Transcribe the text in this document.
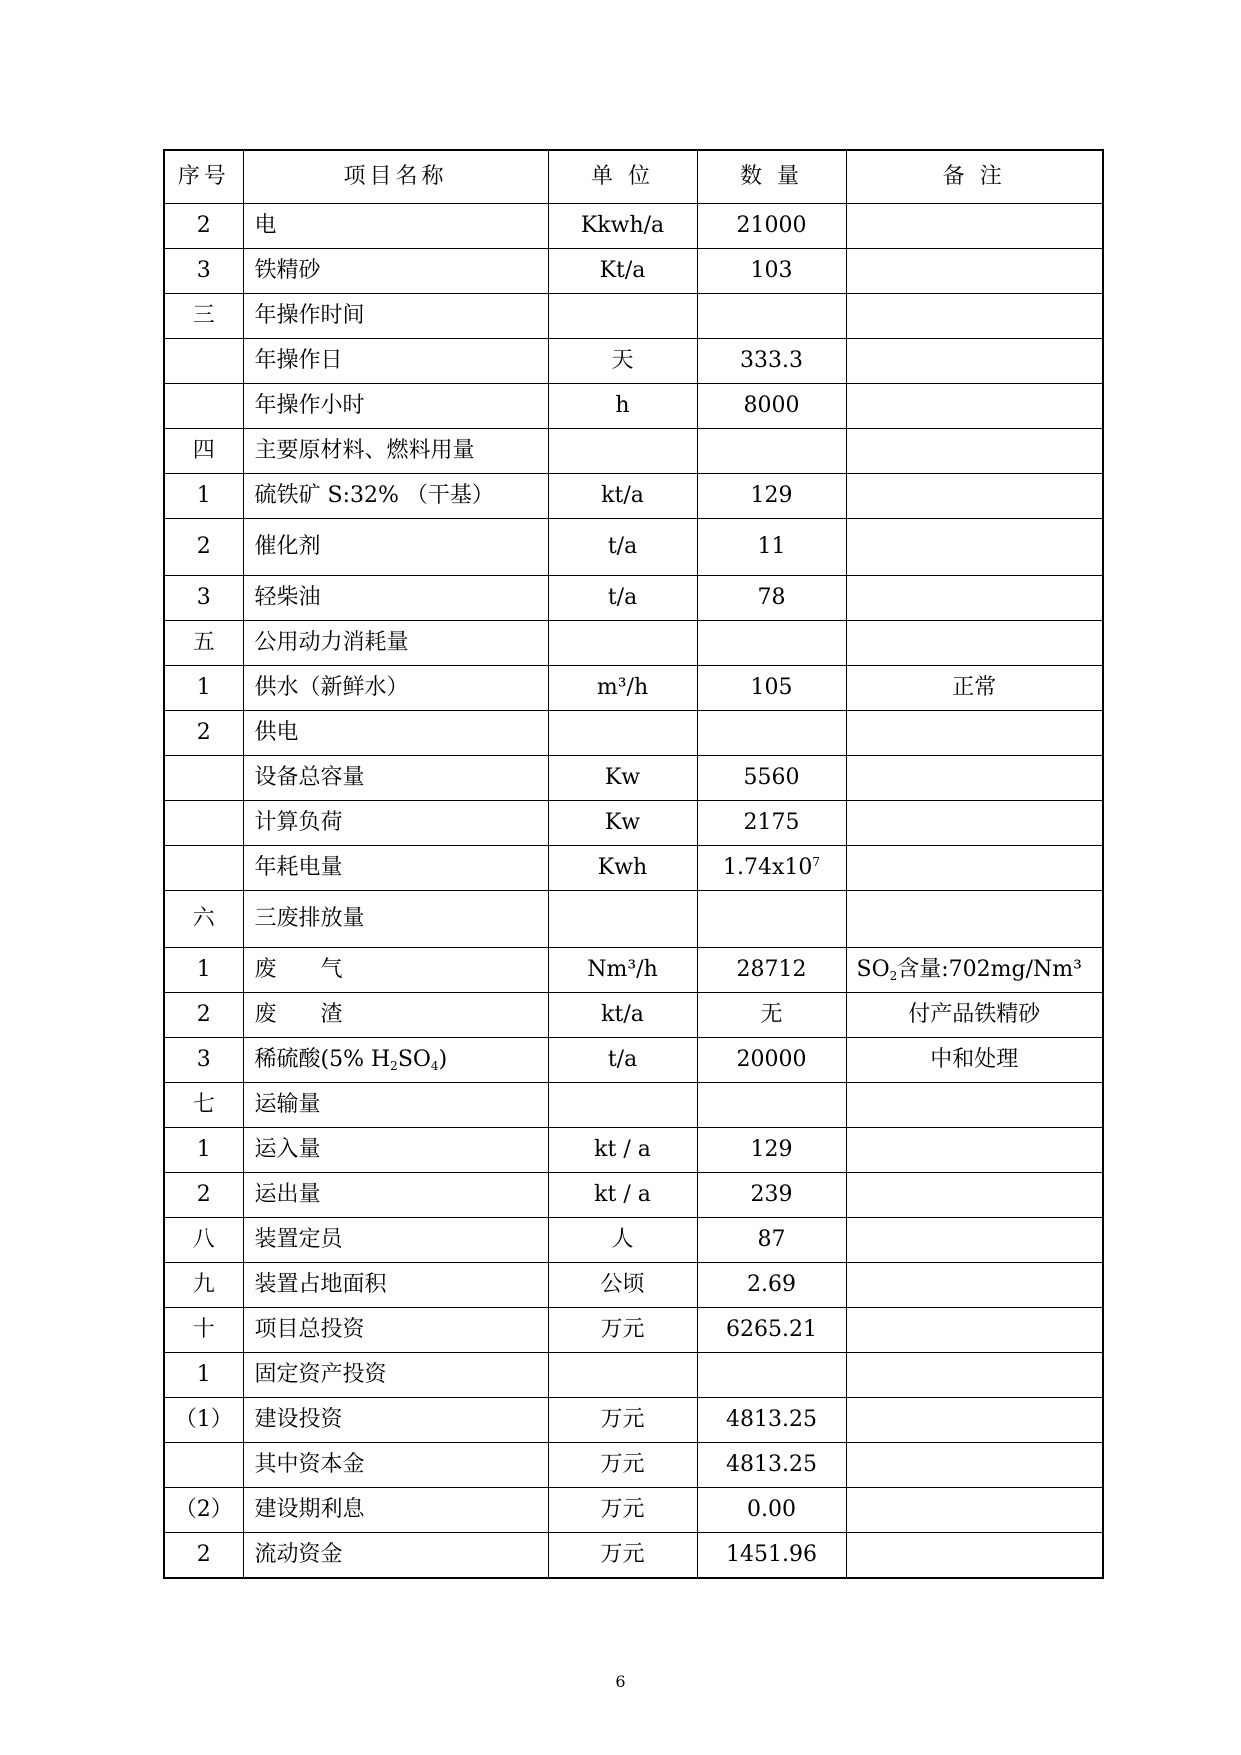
序号	项目名称	单 位	数 量	备 注
2	电	Kkwh/a	21000	
3	铁精砂	Kt/a	103	
三	年操作时间			
	年操作日	天	333.3	
	年操作小时	h	8000	
四	主要原材料、燃料用量			
1	硫铁矿 S:32% （干基）	kt/a	129	
2	催化剂	t/a	11	
3	轻柴油	t/a	78	
五	公用动力消耗量			
1	供水（新鲜水）	m³/h	105	正常
2	供电			
	设备总容量	Kw	5560	
	计算负荷	Kw	2175	
	年耗电量	Kwh	$1.74x10^7$	
六	三废排放量			
1	废　　气	Nm³/h	28712	$SO_2$含量:702mg/Nm³
2	废　　渣	kt/a	无	付产品铁精砂
3	稀硫酸(5% $H_2SO_4$)	t/a	20000	中和处理
七	运输量			
1	运入量	kt / a	129	
2	运出量	kt / a	239	
八	装置定员	人	87	
九	装置占地面积	公顷	2.69	
十	项目总投资	万元	6265.21	
1	固定资产投资			
（1）	建设投资	万元	4813.25	
	其中资本金	万元	4813.25	
（2）	建设期利息	万元	0.00	
2	流动资金	万元	1451.96	
6
